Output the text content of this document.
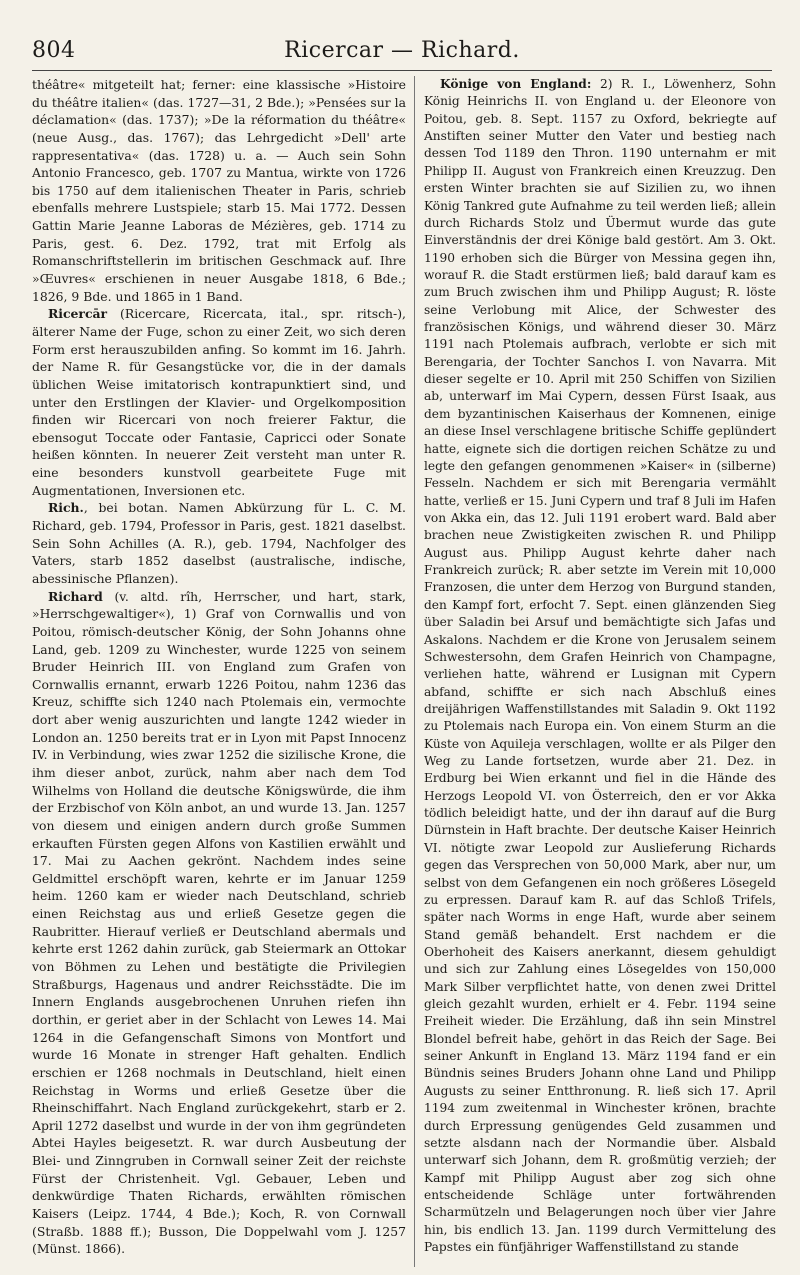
804	Ricercar — Richard.

théâtre« mitgeteilt hat; ferner: eine klassische »Histoire du théâtre italien« (das. 1727—31, 2 Bde.); »Pensées sur la déclamation« (das. 1737); »De la réformation du théâtre« (neue Ausg., das. 1767); das Lehrgedicht »Dell' arte rappresentativa« (das. 1728) u. a. — Auch sein Sohn Antonio Francesco, geb. 1707 zu Mantua, wirkte von 1726 bis 1750 auf dem italienischen Theater in Paris, schrieb ebenfalls mehrere Lustspiele; starb 15. Mai 1772. Dessen Gattin Marie Jeanne Laboras de Mézières, geb. 1714 zu Paris, gest. 6. Dez. 1792, trat mit Erfolg als Romanschriftstellerin im britischen Geschmack auf. Ihre »Œuvres« erschienen in neuer Ausgabe 1818, 6 Bde.; 1826, 9 Bde. und 1865 in 1 Band.

Ricercār (Ricercare, Ricercata, ital., spr. ritsch-), älterer Name der Fuge, schon zu einer Zeit, wo sich deren Form erst herauszubilden anfing. So kommt im 16. Jahrh. der Name R. für Gesangstücke vor, die in der damals üblichen Weise imitatorisch kontrapunktiert sind, und unter den Erstlingen der Klavier- und Orgelkomposition finden wir Ricercari von noch freierer Faktur, die ebensogut Toccate oder Fantasie, Capricci oder Sonate heißen könnten. In neuerer Zeit versteht man unter R. eine besonders kunstvoll gearbeitete Fuge mit Augmentationen, Inversionen etc.

Rich., bei botan. Namen Abkürzung für L. C. M. Richard, geb. 1794, Professor in Paris, gest. 1821 daselbst. Sein Sohn Achilles (A. R.), geb. 1794, Nachfolger des Vaters, starb 1852 daselbst (australische, indische, abessinische Pflanzen).

Richard (v. altd. rîh, Herrscher, und hart, stark, »Herrschgewaltiger«), 1) Graf von Cornwallis und von Poitou, römisch-deutscher König, der Sohn Johanns ohne Land, geb. 1209 zu Winchester, wurde 1225 von seinem Bruder Heinrich III. von England zum Grafen von Cornwallis ernannt, erwarb 1226 Poitou, nahm 1236 das Kreuz, schiffte sich 1240 nach Ptolemais ein, vermochte dort aber wenig auszurichten und langte 1242 wieder in London an. 1250 bereits trat er in Lyon mit Papst Innocenz IV. in Verbindung, wies zwar 1252 die sizilische Krone, die ihm dieser anbot, zurück, nahm aber nach dem Tod Wilhelms von Holland die deutsche Königswürde, die ihm der Erzbischof von Köln anbot, an und wurde 13. Jan. 1257 von diesem und einigen andern durch große Summen erkauften Fürsten gegen Alfons von Kastilien erwählt und 17. Mai zu Aachen gekrönt. Nachdem indes seine Geldmittel erschöpft waren, kehrte er im Januar 1259 heim. 1260 kam er wieder nach Deutschland, schrieb einen Reichstag aus und erließ Gesetze gegen die Raubritter. Hierauf verließ er Deutschland abermals und kehrte erst 1262 dahin zurück, gab Steiermark an Ottokar von Böhmen zu Lehen und bestätigte die Privilegien Straßburgs, Hagenaus und andrer Reichsstädte. Die im Innern Englands ausgebrochenen Unruhen riefen ihn dorthin, er geriet aber in der Schlacht von Lewes 14. Mai 1264 in die Gefangenschaft Simons von Montfort und wurde 16 Monate in strenger Haft gehalten. Endlich erschien er 1268 nochmals in Deutschland, hielt einen Reichstag in Worms und erließ Gesetze über die Rheinschiffahrt. Nach England zurückgekehrt, starb er 2. April 1272 daselbst und wurde in der von ihm gegründeten Abtei Hayles beigesetzt. R. war durch Ausbeutung der Blei- und Zinngruben in Cornwall seiner Zeit der reichste Fürst der Christenheit. Vgl. Gebauer, Leben und denkwürdige Thaten Richards, erwählten römischen Kaisers (Leipz. 1744, 4 Bde.); Koch, R. von Cornwall (Straßb. 1888 ff.); Busson, Die Doppelwahl vom J. 1257 (Münst. 1866).

Könige von England: 2) R. I., Löwenherz, Sohn König Heinrichs II. von England u. der Eleonore von Poitou, geb. 8. Sept. 1157 zu Oxford, bekriegte auf Anstiften seiner Mutter den Vater und bestieg nach dessen Tod 1189 den Thron. 1190 unternahm er mit Philipp II. August von Frankreich einen Kreuzzug. Den ersten Winter brachten sie auf Sizilien zu, wo ihnen König Tankred gute Aufnahme zu teil werden ließ; allein durch Richards Stolz und Übermut wurde das gute Einverständnis der drei Könige bald gestört. Am 3. Okt. 1190 erhoben sich die Bürger von Messina gegen ihn, worauf R. die Stadt erstürmen ließ; bald darauf kam es zum Bruch zwischen ihm und Philipp August; R. löste seine Verlobung mit Alice, der Schwester des französischen Königs, und während dieser 30. März 1191 nach Ptolemais aufbrach, verlobte er sich mit Berengaria, der Tochter Sanchos I. von Navarra. Mit dieser segelte er 10. April mit 250 Schiffen von Sizilien ab, unterwarf im Mai Cypern, dessen Fürst Isaak, aus dem byzantinischen Kaiserhaus der Komnenen, einige an diese Insel verschlagene britische Schiffe geplündert hatte, eignete sich die dortigen reichen Schätze zu und legte den gefangen genommenen »Kaiser« in (silberne) Fesseln. Nachdem er sich mit Berengaria vermählt hatte, verließ er 15. Juni Cypern und traf 8 Juli im Hafen von Akka ein, das 12. Juli 1191 erobert ward. Bald aber brachen neue Zwistigkeiten zwischen R. und Philipp August aus. Philipp August kehrte daher nach Frankreich zurück; R. aber setzte im Verein mit 10,000 Franzosen, die unter dem Herzog von Burgund standen, den Kampf fort, erfocht 7. Sept. einen glänzenden Sieg über Saladin bei Arsuf und bemächtigte sich Jafas und Askalons. Nachdem er die Krone von Jerusalem seinem Schwestersohn, dem Grafen Heinrich von Champagne, verliehen hatte, während er Lusignan mit Cypern abfand, schiffte er sich nach Abschluß eines dreijährigen Waffenstillstandes mit Saladin 9. Okt 1192 zu Ptolemais nach Europa ein. Von einem Sturm an die Küste von Aquileja verschlagen, wollte er als Pilger den Weg zu Lande fortsetzen, wurde aber 21. Dez. in Erdburg bei Wien erkannt und fiel in die Hände des Herzogs Leopold VI. von Österreich, den er vor Akka tödlich beleidigt hatte, und der ihn darauf auf die Burg Dürnstein in Haft brachte. Der deutsche Kaiser Heinrich VI. nötigte zwar Leopold zur Auslieferung Richards gegen das Versprechen von 50,000 Mark, aber nur, um selbst von dem Gefangenen ein noch größeres Lösegeld zu erpressen. Darauf kam R. auf das Schloß Trifels, später nach Worms in enge Haft, wurde aber seinem Stand gemäß behandelt. Erst nachdem er die Oberhoheit des Kaisers anerkannt, diesem gehuldigt und sich zur Zahlung eines Lösegeldes von 150,000 Mark Silber verpflichtet hatte, von denen zwei Drittel gleich gezahlt wurden, erhielt er 4. Febr. 1194 seine Freiheit wieder. Die Erzählung, daß ihn sein Minstrel Blondel befreit habe, gehört in das Reich der Sage. Bei seiner Ankunft in England 13. März 1194 fand er ein Bündnis seines Bruders Johann ohne Land und Philipp Augusts zu seiner Entthronung. R. ließ sich 17. April 1194 zum zweitenmal in Winchester krönen, brachte durch Erpressung genügendes Geld zusammen und setzte alsdann nach der Normandie über. Alsbald unterwarf sich Johann, dem R. großmütig verzieh; der Kampf mit Philipp August aber zog sich ohne entscheidende Schläge unter fortwährenden Scharmützeln und Belagerungen noch über vier Jahre hin, bis endlich 13. Jan. 1199 durch Vermittelung des Papstes ein fünfjähriger Waffenstillstand zu stande
